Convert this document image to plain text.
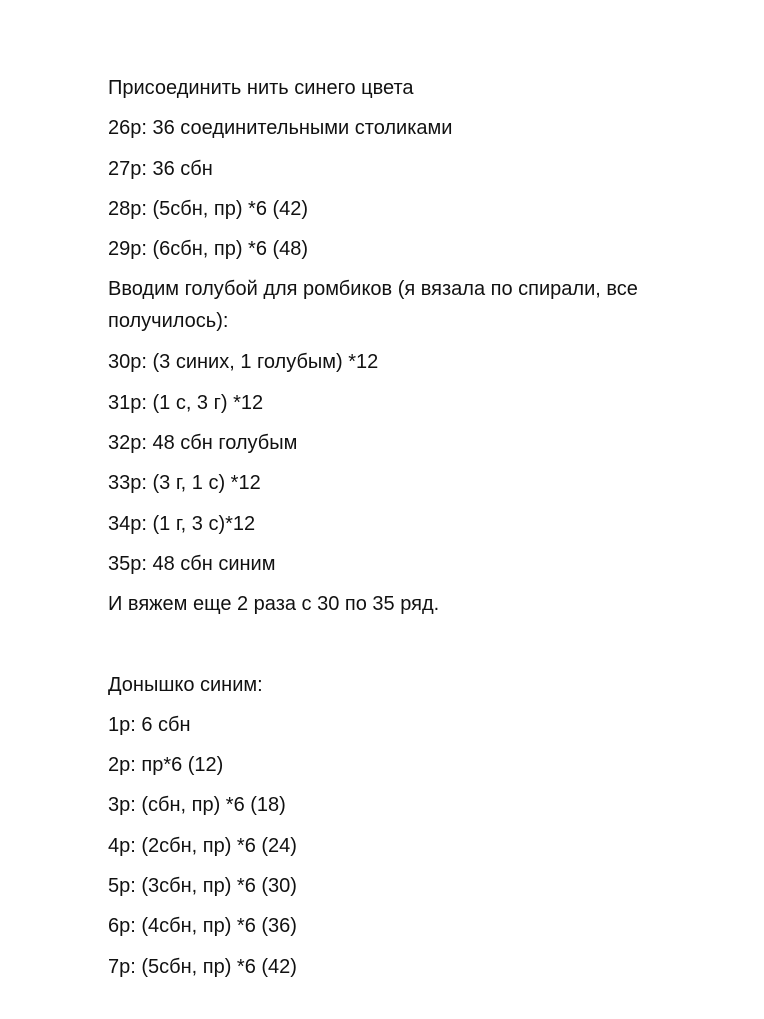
Присоединить нить синего цвета
26р: 36 соединительными столиками
27р: 36 сбн
28р: (5сбн, пр) *6 (42)
29р: (6сбн, пр) *6 (48)
Вводим голубой для ромбиков (я вязала по спирали, все получилось):
30р: (3 синих, 1 голубым) *12
31р: (1 с, 3 г) *12
32р: 48 сбн голубым
33р: (3 г, 1 с) *12
34р: (1 г, 3 с)*12
35р: 48 сбн синим
И вяжем еще 2 раза с 30 по 35 ряд.
Донышко синим:
1р: 6 сбн
2р: пр*6 (12)
3р: (сбн, пр) *6 (18)
4р: (2сбн, пр) *6 (24)
5р: (3сбн, пр) *6 (30)
6р: (4сбн, пр) *6 (36)
7р: (5сбн, пр) *6 (42)
